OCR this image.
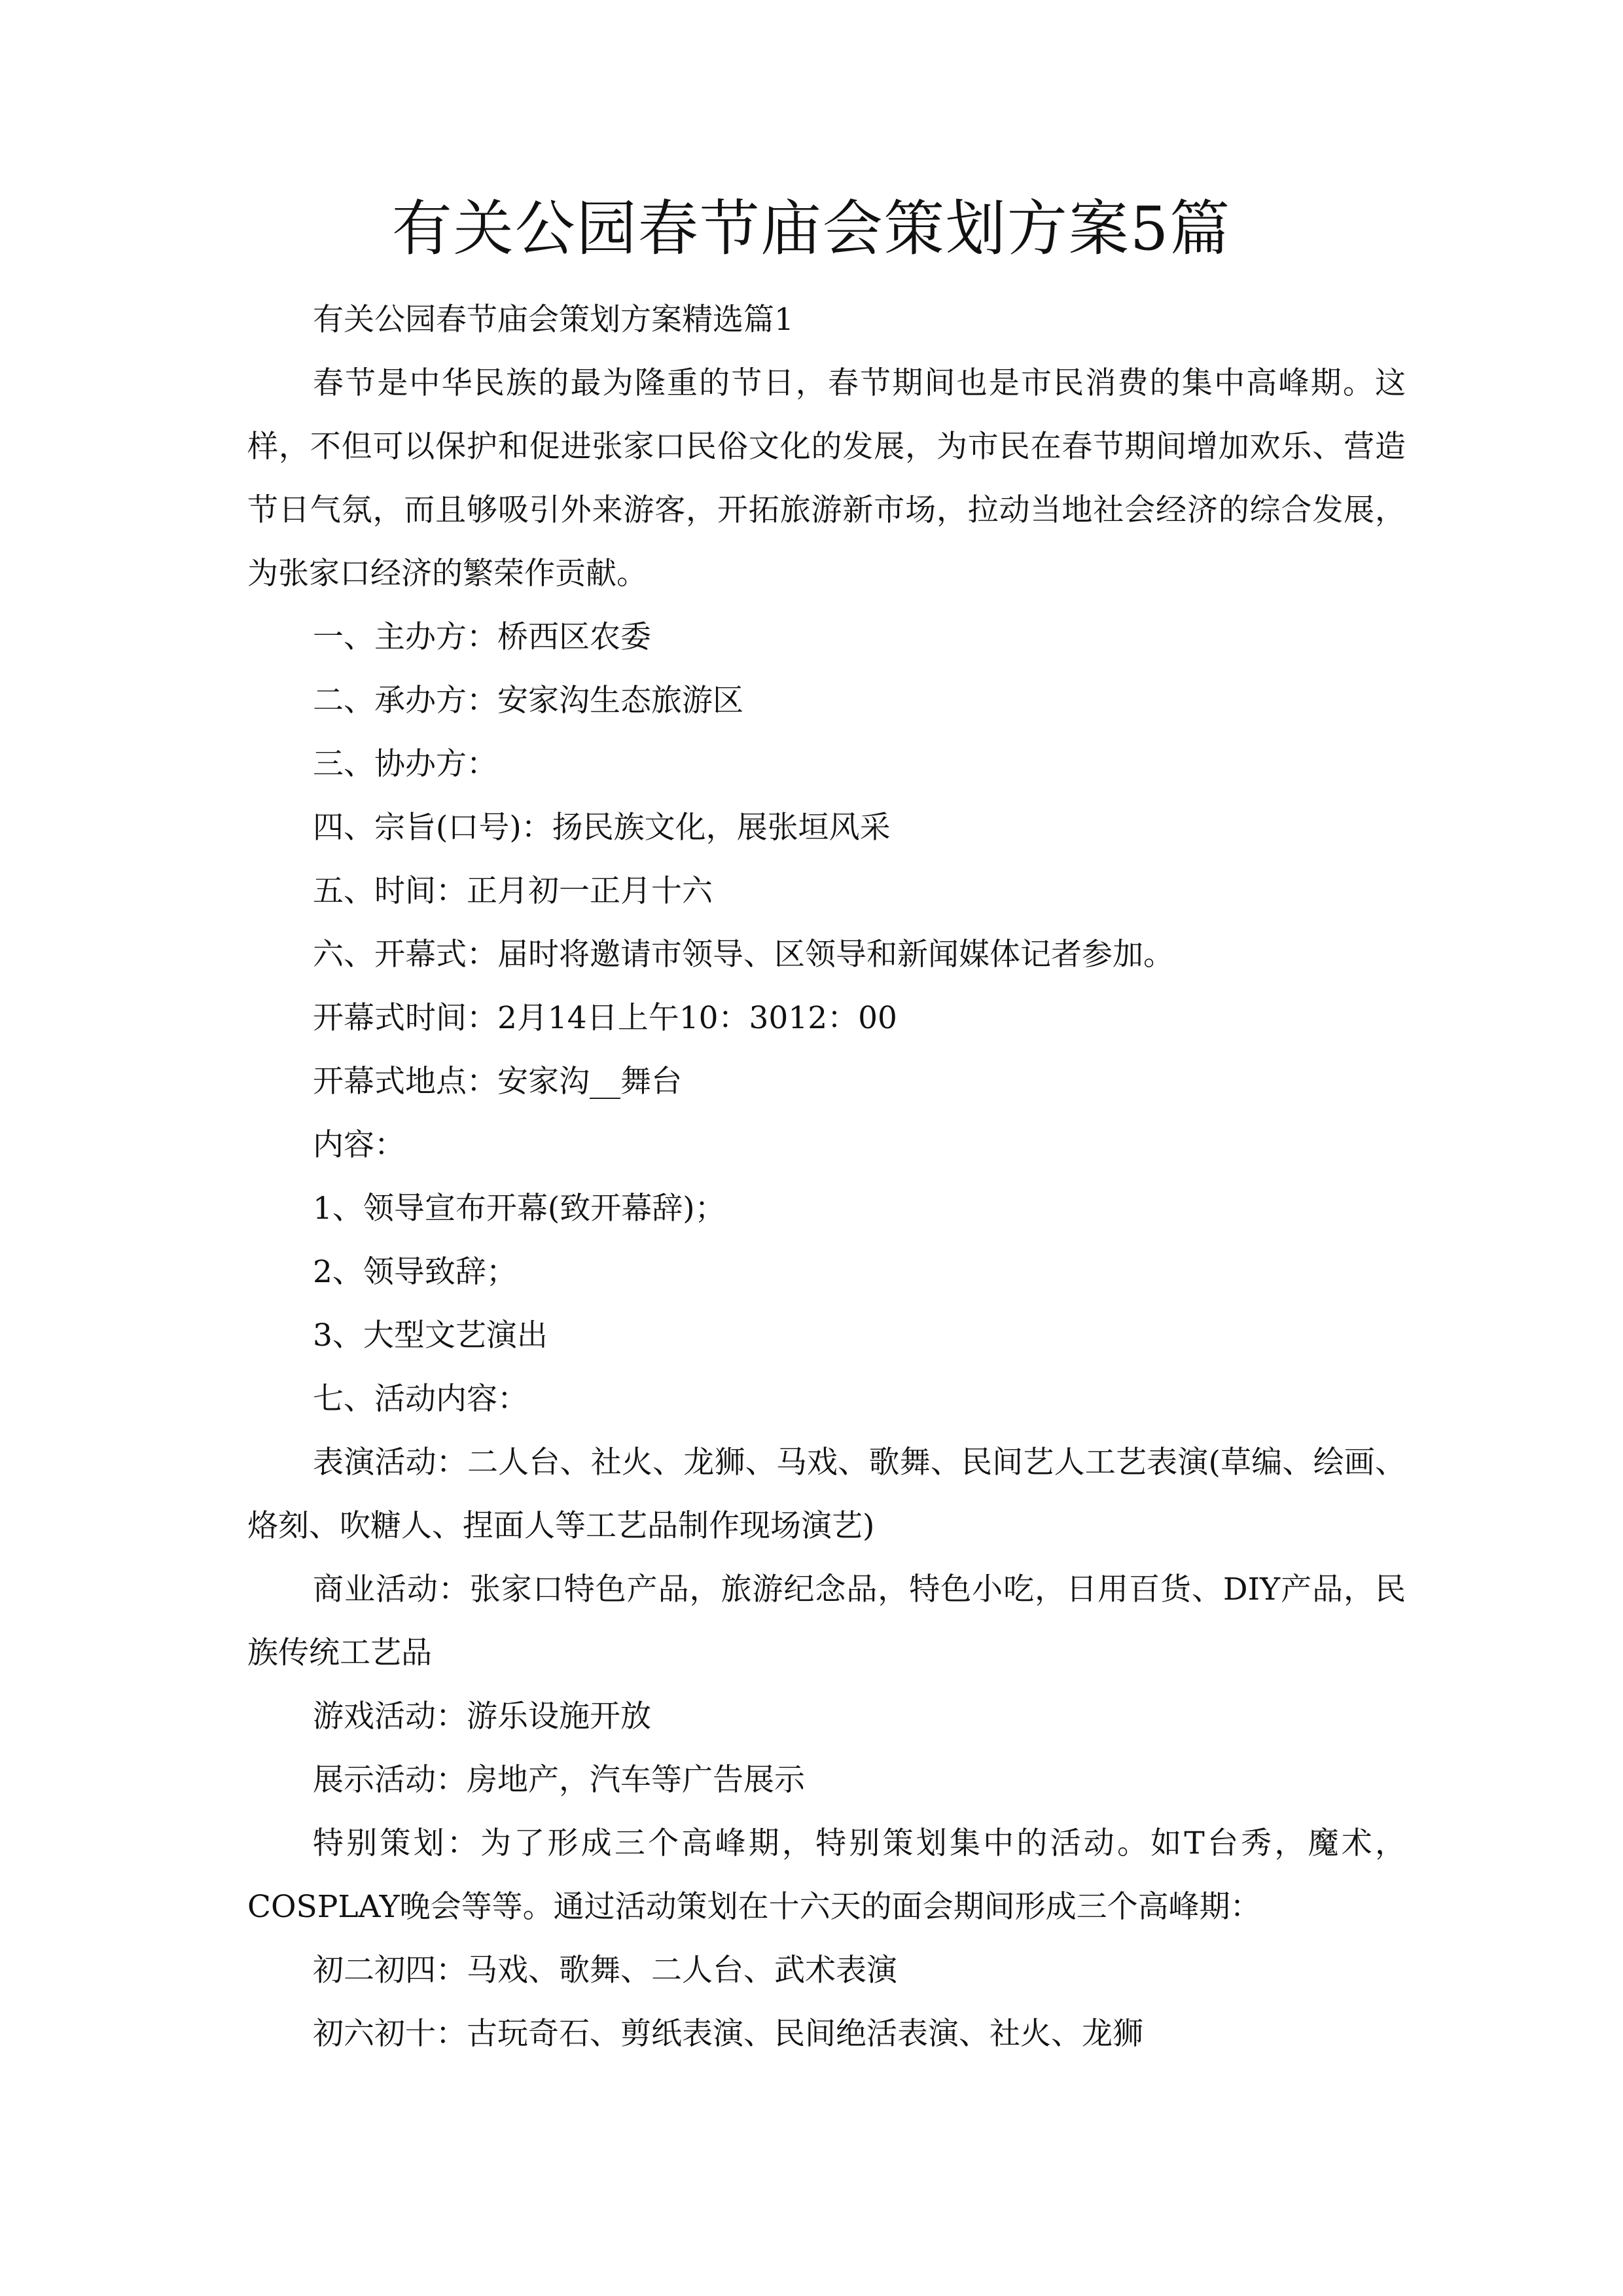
有关公园春节庙会策划方案5篇

有关公园春节庙会策划方案精选篇1

春节是中华民族的最为隆重的节日，春节期间也是市民消费的集中高峰期。这样，不但可以保护和促进张家口民俗文化的发展，为市民在春节期间增加欢乐、营造节日气氛，而且够吸引外来游客，开拓旅游新市场，拉动当地社会经济的综合发展，为张家口经济的繁荣作贡献。

一、主办方：桥西区农委

二、承办方：安家沟生态旅游区

三、协办方：

四、宗旨(口号)：扬民族文化，展张垣风采

五、时间：正月初一正月十六

六、开幕式：届时将邀请市领导、区领导和新闻媒体记者参加。

开幕式时间：2月14日上午10：3012：00

开幕式地点：安家沟__舞台

内容：

1、领导宣布开幕(致开幕辞)；

2、领导致辞；

3、大型文艺演出

七、活动内容：

表演活动：二人台、社火、龙狮、马戏、歌舞、民间艺人工艺表演(草编、绘画、烙刻、吹糖人、捏面人等工艺品制作现场演艺)

商业活动：张家口特色产品，旅游纪念品，特色小吃，日用百货、DIY产品，民族传统工艺品

游戏活动：游乐设施开放

展示活动：房地产，汽车等广告展示

特别策划：为了形成三个高峰期，特别策划集中的活动。如T台秀，魔术，COSPLAY晚会等等。通过活动策划在十六天的面会期间形成三个高峰期：

初二初四：马戏、歌舞、二人台、武术表演

初六初十：古玩奇石、剪纸表演、民间绝活表演、社火、龙狮
